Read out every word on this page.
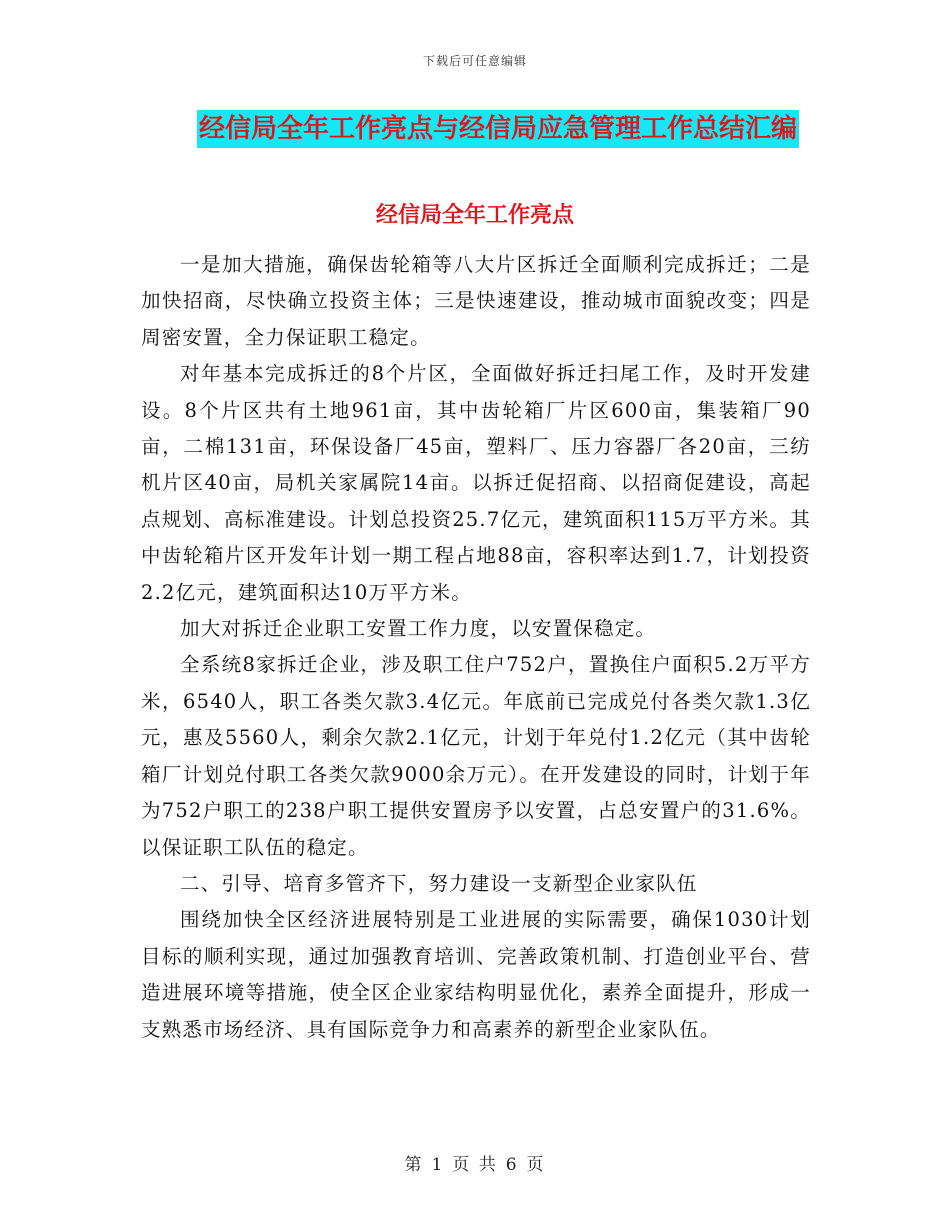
下载后可任意编辑
经信局全年工作亮点与经信局应急管理工作总结汇编
经信局全年工作亮点

一是加大措施，确保齿轮箱等八大片区拆迁全面顺利完成拆迁；二是加快招商，尽快确立投资主体；三是快速建设，推动城市面貌改变；四是周密安置，全力保证职工稳定。

对年基本完成拆迁的8个片区，全面做好拆迁扫尾工作，及时开发建设。8个片区共有土地961亩，其中齿轮箱厂片区600亩，集装箱厂90亩，二棉131亩，环保设备厂45亩，塑料厂、压力容器厂各20亩，三纺机片区40亩，局机关家属院14亩。以拆迁促招商、以招商促建设，高起点规划、高标准建设。计划总投资25.7亿元，建筑面积115万平方米。其中齿轮箱片区开发年计划一期工程占地88亩，容积率达到1.7，计划投资2.2亿元，建筑面积达10万平方米。

加大对拆迁企业职工安置工作力度，以安置保稳定。

全系统8家拆迁企业，涉及职工住户752户，置换住户面积5.2万平方米，6540人，职工各类欠款3.4亿元。年底前已完成兑付各类欠款1.3亿元，惠及5560人，剩余欠款2.1亿元，计划于年兑付1.2亿元（其中齿轮箱厂计划兑付职工各类欠款9000余万元）。在开发建设的同时，计划于年为752户职工的238户职工提供安置房予以安置，占总安置户的31.6%。以保证职工队伍的稳定。

二、引导、培育多管齐下，努力建设一支新型企业家队伍

围绕加快全区经济进展特别是工业进展的实际需要，确保1030计划目标的顺利实现，通过加强教育培训、完善政策机制、打造创业平台、营造进展环境等措施，使全区企业家结构明显优化，素养全面提升，形成一支熟悉市场经济、具有国际竞争力和高素养的新型企业家队伍。

第 1 页 共 6 页
